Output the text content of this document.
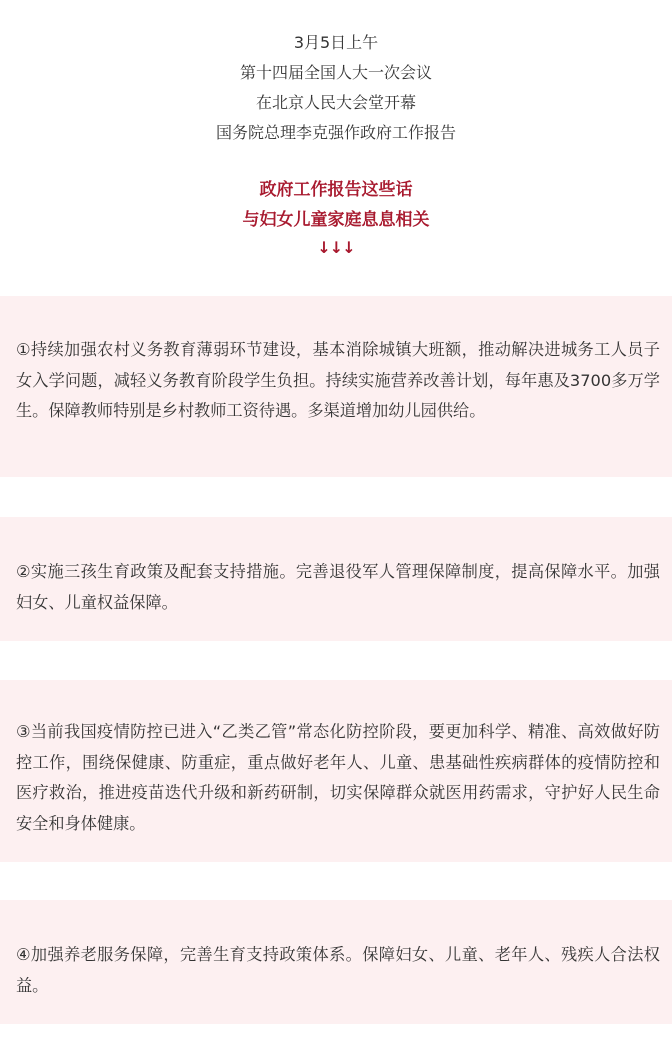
3月5日上午
第十四届全国人大一次会议
在北京人民大会堂开幕
国务院总理李克强作政府工作报告
政府工作报告这些话
与妇女儿童家庭息息相关
↓↓↓
①持续加强农村义务教育薄弱环节建设，基本消除城镇大班额，推动解决进城务工人员子女入学问题，减轻义务教育阶段学生负担。持续实施营养改善计划，每年惠及3700多万学生。保障教师特别是乡村教师工资待遇。多渠道增加幼儿园供给。
②实施三孩生育政策及配套支持措施。完善退役军人管理保障制度，提高保障水平。加强妇女、儿童权益保障。
③当前我国疫情防控已进入“乙类乙管”常态化防控阶段，要更加科学、精准、高效做好防控工作，围绕保健康、防重症，重点做好老年人、儿童、患基础性疾病群体的疫情防控和医疗救治，推进疫苗迭代升级和新药研制，切实保障群众就医用药需求，守护好人民生命安全和身体健康。
④加强养老服务保障，完善生育支持政策体系。保障妇女、儿童、老年人、残疾人合法权益。
